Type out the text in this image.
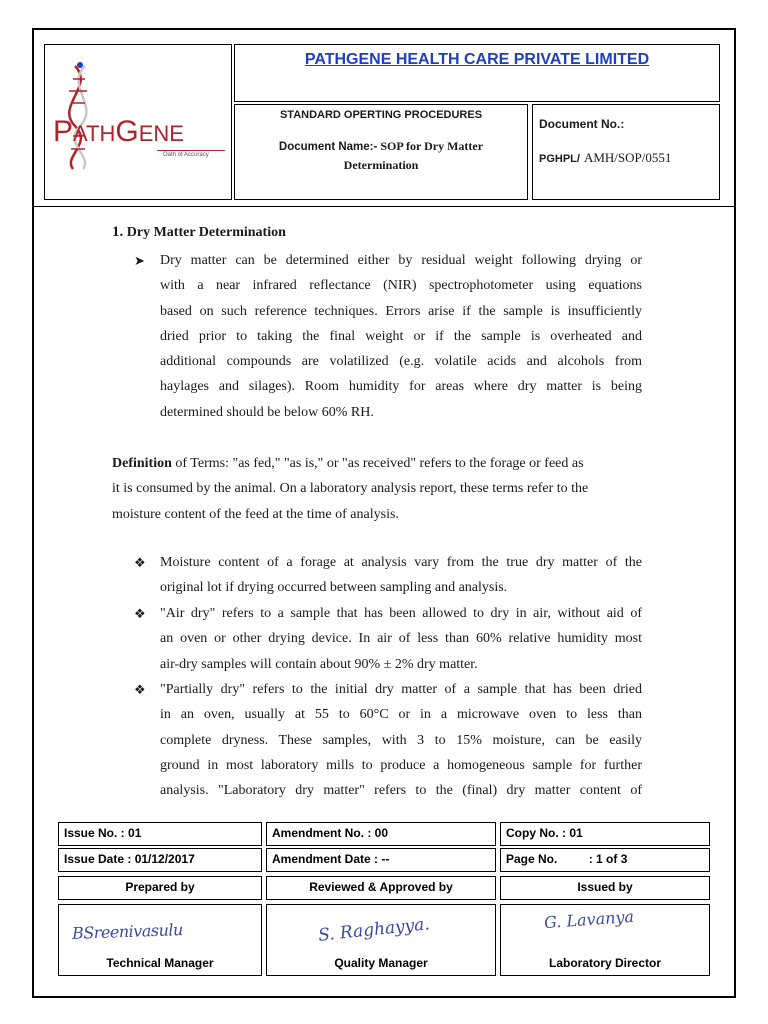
PATHGENE
Oath of Accuracy
PATHGENE HEALTH CARE PRIVATE LIMITED
STANDARD OPERTING PROCEDURES
Document Name:- SOP for Dry Matter
Determination
Document No.:
PGHPL/ AMH/SOP/0551
1. Dry Matter Determination
➤	Dry matter can be determined either by residual weight following drying or
with a near infrared reflectance (NIR) spectrophotometer using equations
based on such reference techniques. Errors arise if the sample is insufficiently
dried prior to taking the final weight or if the sample is overheated and
additional compounds are volatilized (e.g. volatile acids and alcohols from
haylages and silages). Room humidity for areas where dry matter is being
determined should be below 60% RH.

Definition of Terms: "as fed," "as is," or "as received" refers to the forage or feed as
it is consumed by the animal. On a laboratory analysis report, these terms refer to the
moisture content of the feed at the time of analysis.

❖	Moisture content of a forage at analysis vary from the true dry matter of the
original lot if drying occurred between sampling and analysis.
❖	"Air dry" refers to a sample that has been allowed to dry in air, without aid of
an oven or other drying device. In air of less than 60% relative humidity most
air-dry samples will contain about 90% ± 2% dry matter.
❖	"Partially dry" refers to the initial dry matter of a sample that has been dried
in an oven, usually at 55 to 60°C or in a microwave oven to less than
complete dryness. These samples, with 3 to 15% moisture, can be easily
ground in most laboratory mills to produce a homogeneous sample for further
analysis. "Laboratory dry matter" refers to the (final) dry matter content of
Issue No. : 01	Amendment No. : 00	Copy No. : 01
Issue Date : 01/12/2017	Amendment Date : --	Page No.	: 1 of 3
Prepared by	Reviewed & Approved by	Issued by
BSreenivasulu	S. Raghayya.	G. Lavanya
Technical Manager	Quality Manager	Laboratory Director
